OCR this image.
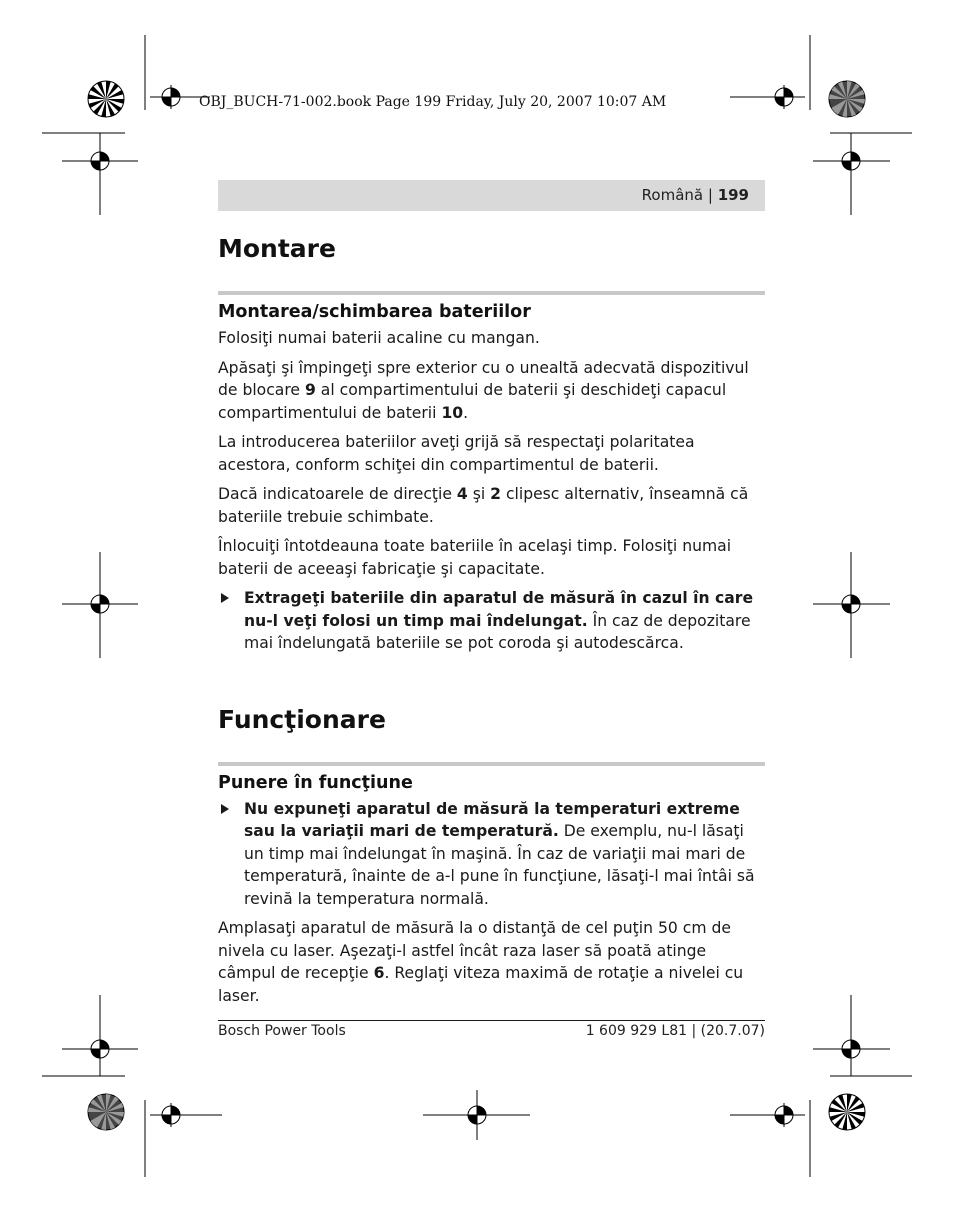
OBJ_BUCH-71-002.book Page 199 Friday, July 20, 2007 10:07 AM
Română | 199
Montare
Montarea/schimbarea bateriilor

Folosiţi numai baterii acaline cu mangan.

Apăsaţi şi împingeţi spre exterior cu o unealtă adecvată dispozitivul de blocare 9 al compartimentului de baterii şi deschideţi capacul compartimentului de baterii 10.

La introducerea bateriilor aveţi grijă să respectaţi polaritatea acestora, conform schiţei din compartimentul de baterii.

Dacă indicatoarele de direcţie 4 şi 2 clipesc alternativ, înseamnă că bateriile trebuie schimbate.

Înlocuiţi întotdeauna toate bateriile în acelaşi timp. Folosiţi numai baterii de aceeaşi fabricaţie şi capacitate.

Extrageţi bateriile din aparatul de măsură în cazul în care nu-l veţi folosi un timp mai îndelungat. În caz de depozitare mai îndelungată bateriile se pot coroda şi autodescărca.
Funcţionare
Punere în funcţiune
Nu expuneţi aparatul de măsură la temperaturi extreme sau la variaţii mari de temperatură. De exemplu, nu-l lăsaţi un timp mai îndelungat în maşină. În caz de variaţii mai mari de temperatură, înainte de a-l pune în funcţiune, lăsaţi-l mai întâi să revină la temperatura normală.

Amplasaţi aparatul de măsură la o distanţă de cel puţin 50 cm de nivela cu laser. Aşezaţi-l astfel încât raza laser să poată atinge câmpul de recepţie 6. Reglaţi viteza maximă de rotaţie a nivelei cu laser.

Bosch Power Tools	1 609 929 L81 | (20.7.07)
